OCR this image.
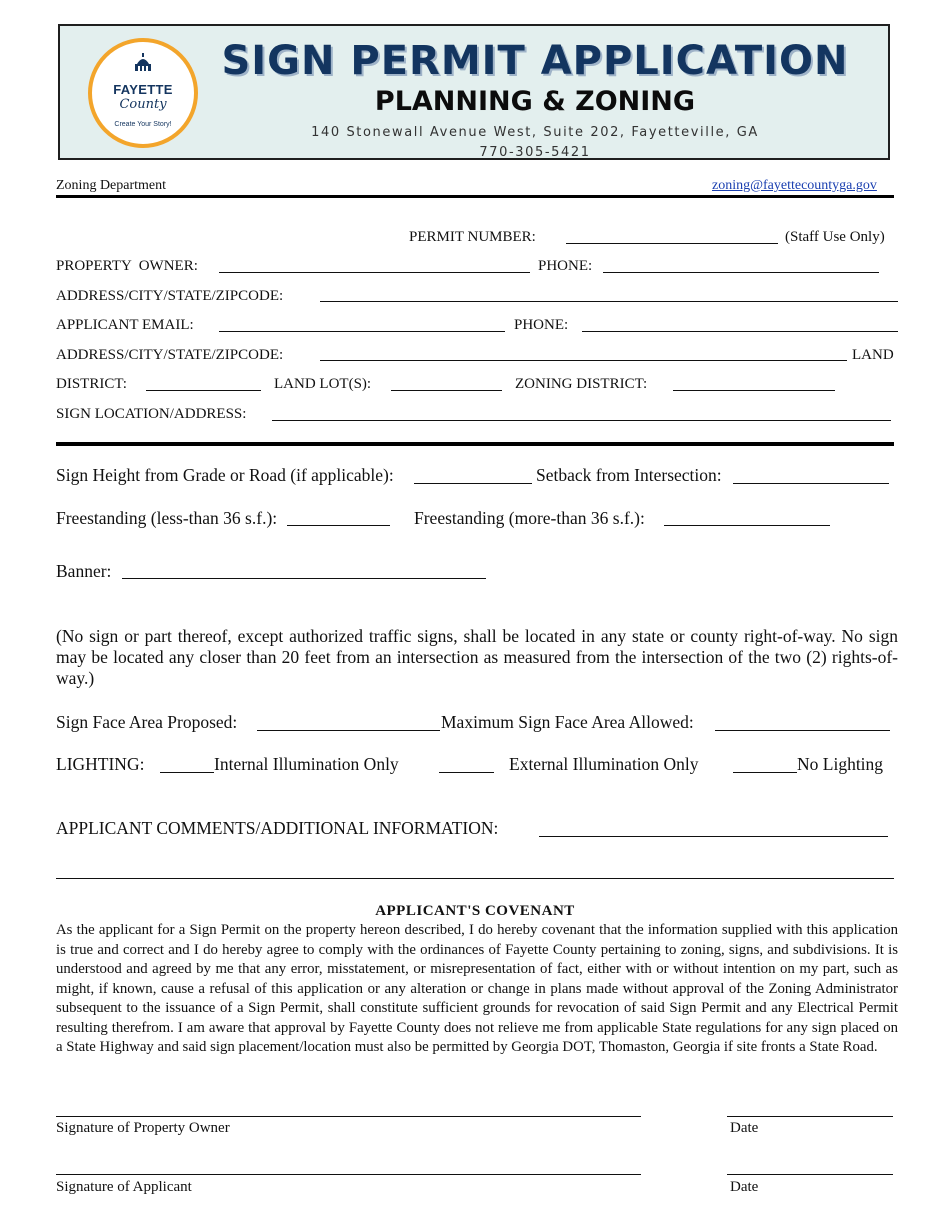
FAYETTE
County
Create Your Story!
SIGN PERMIT APPLICATION
PLANNING & ZONING
140 Stonewall Avenue West, Suite 202, Fayetteville, GA
770-305-5421
Zoning Department	zoning@fayettecountyga.gov
PERMIT NUMBER:	(Staff Use Only)
PROPERTY  OWNER:	PHONE:
ADDRESS/CITY/STATE/ZIPCODE:
APPLICANT EMAIL:	PHONE:
ADDRESS/CITY/STATE/ZIPCODE:	LAND
DISTRICT:	LAND LOT(S):	ZONING DISTRICT:
SIGN LOCATION/ADDRESS:
Sign Height from Grade or Road (if applicable):	Setback from Intersection:
Freestanding (less-than 36 s.f.):	Freestanding (more-than 36 s.f.):
Banner:
(No sign or part thereof, except authorized traffic signs, shall be located in any state or county right-of-way. No sign may be located any closer than 20 feet from an intersection as measured from the intersection of the two (2) rights-of-way.)
Sign Face Area Proposed:	Maximum Sign Face Area Allowed:
LIGHTING:	Internal Illumination Only	External Illumination Only	No Lighting
APPLICANT COMMENTS/ADDITIONAL INFORMATION:
APPLICANT'S COVENANT
As the applicant for a Sign Permit on the property hereon described, I do hereby covenant that the information supplied with this application is true and correct and I do hereby agree to comply with the ordinances of Fayette County pertaining to zoning, signs, and subdivisions. It is understood and agreed by me that any error, misstatement, or misrepresentation of fact, either with or without intention on my part, such as might, if known, cause a refusal of this application or any alteration or change in plans made without approval of the Zoning Administrator subsequent to the issuance of a Sign Permit, shall constitute sufficient grounds for revocation of said Sign Permit and any Electrical Permit resulting therefrom. I am aware that approval by Fayette County does not relieve me from applicable State regulations for any sign placed on a State Highway and said sign placement/location must also be permitted by Georgia DOT, Thomaston, Georgia if site fronts a State Road.
Signature of Property Owner	Date
Signature of Applicant	Date
